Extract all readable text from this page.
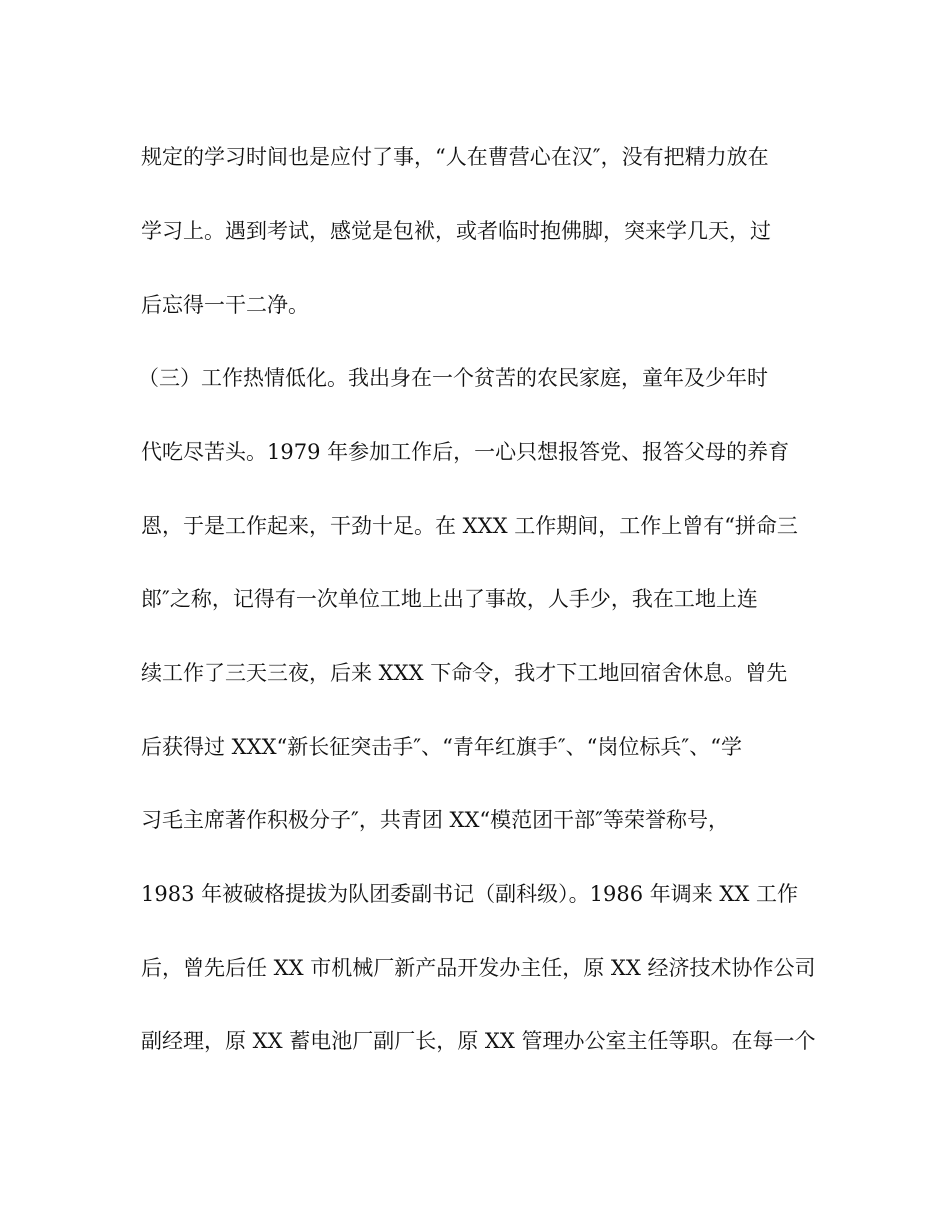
规定的学习时间也是应付了事，“人在曹营心在汉″，没有把精力放在
学习上。遇到考试，感觉是包袱，或者临时抱佛脚，突来学几天，过
后忘得一干二净。
（三）工作热情低化。我出身在一个贫苦的农民家庭，童年及少年时
代吃尽苦头。1979 年参加工作后，一心只想报答党、报答父母的养育
恩，于是工作起来，干劲十足。在 XXX 工作期间，工作上曾有“拼命三
郎″之称，记得有一次单位工地上出了事故，人手少，我在工地上连
续工作了三天三夜，后来 XXX 下命令，我才下工地回宿舍休息。曾先
后获得过 XXX“新长征突击手″、“青年红旗手″、“岗位标兵″、“学
习毛主席著作积极分子″，共青团 XX“模范团干部″等荣誉称号，
1983 年被破格提拔为队团委副书记（副科级）。1986 年调来 XX 工作
后，曾先后任 XX 市机械厂新产品开发办主任，原 XX 经济技术协作公司
副经理，原 XX 蓄电池厂副厂长，原 XX 管理办公室主任等职。在每一个
